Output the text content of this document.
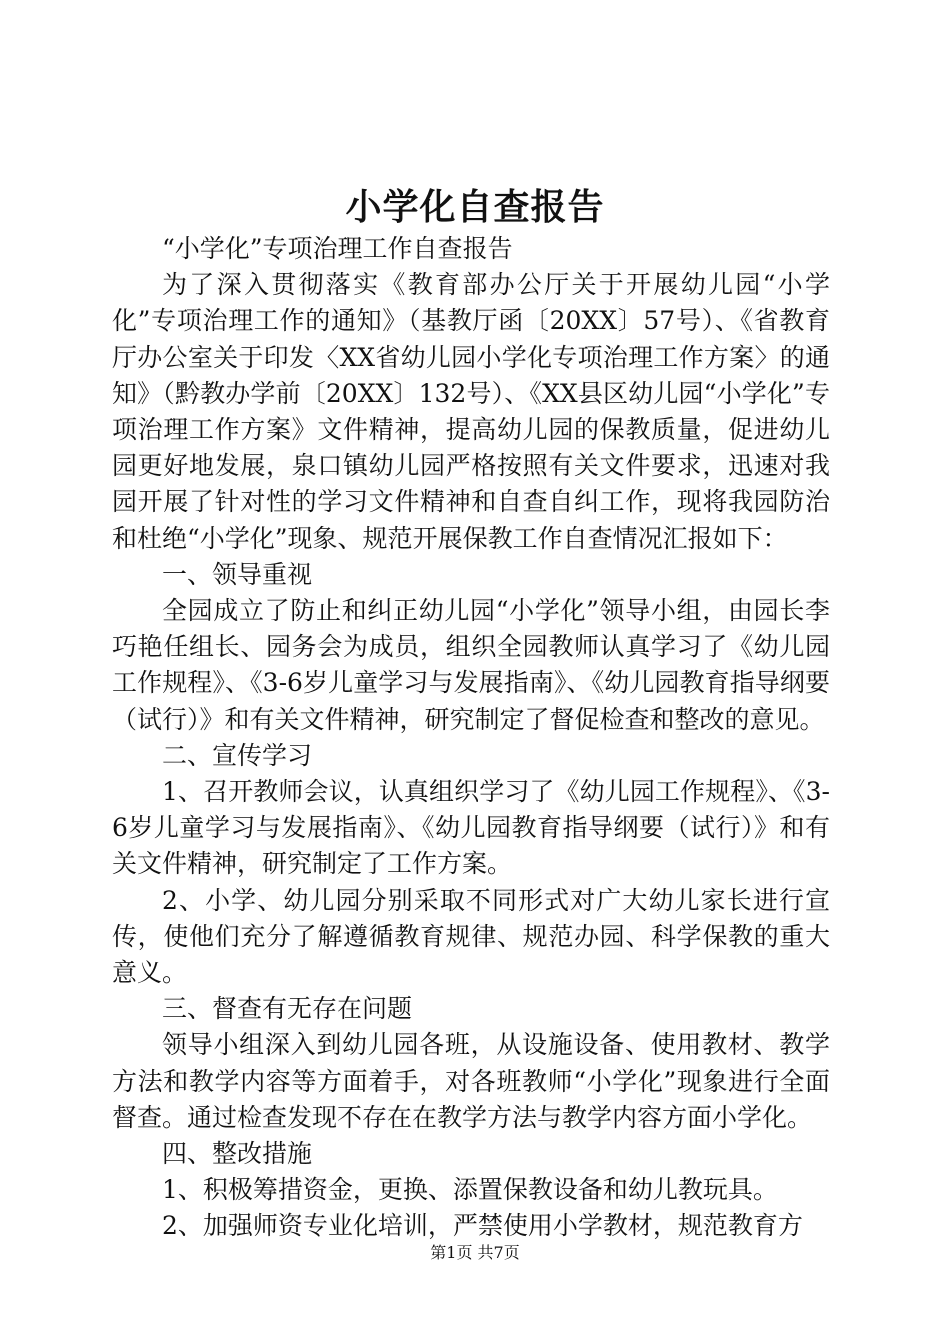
小学化自查报告

“小学化”专项治理工作自查报告

为了深入贯彻落实《教育部办公厅关于开展幼儿园“小学化”专项治理工作的通知》（基教厅函〔20XX〕57号）、《省教育厅办公室关于印发〈XX省幼儿园小学化专项治理工作方案〉的通知》（黔教办学前〔20XX〕132号）、《XX县区幼儿园“小学化”专项治理工作方案》文件精神，提高幼儿园的保教质量，促进幼儿园更好地发展，泉口镇幼儿园严格按照有关文件要求，迅速对我园开展了针对性的学习文件精神和自查自纠工作，现将我园防治和杜绝“小学化”现象、规范开展保教工作自查情况汇报如下：

一、领导重视

全园成立了防止和纠正幼儿园“小学化”领导小组，由园长李巧艳任组长、园务会为成员，组织全园教师认真学习了《幼儿园工作规程》、《3-6岁儿童学习与发展指南》、《幼儿园教育指导纲要（试行）》和有关文件精神，研究制定了督促检查和整改的意见。

二、宣传学习

1、召开教师会议，认真组织学习了《幼儿园工作规程》、《3-6岁儿童学习与发展指南》、《幼儿园教育指导纲要（试行）》和有关文件精神，研究制定了工作方案。

2、小学、幼儿园分别采取不同形式对广大幼儿家长进行宣传，使他们充分了解遵循教育规律、规范办园、科学保教的重大意义。

三、督查有无存在问题

领导小组深入到幼儿园各班，从设施设备、使用教材、教学方法和教学内容等方面着手，对各班教师“小学化”现象进行全面督查。通过检查发现不存在在教学方法与教学内容方面小学化。

四、整改措施

1、积极筹措资金，更换、添置保教设备和幼儿教玩具。

2、加强师资专业化培训，严禁使用小学教材，规范教育方

第1页 共7页
